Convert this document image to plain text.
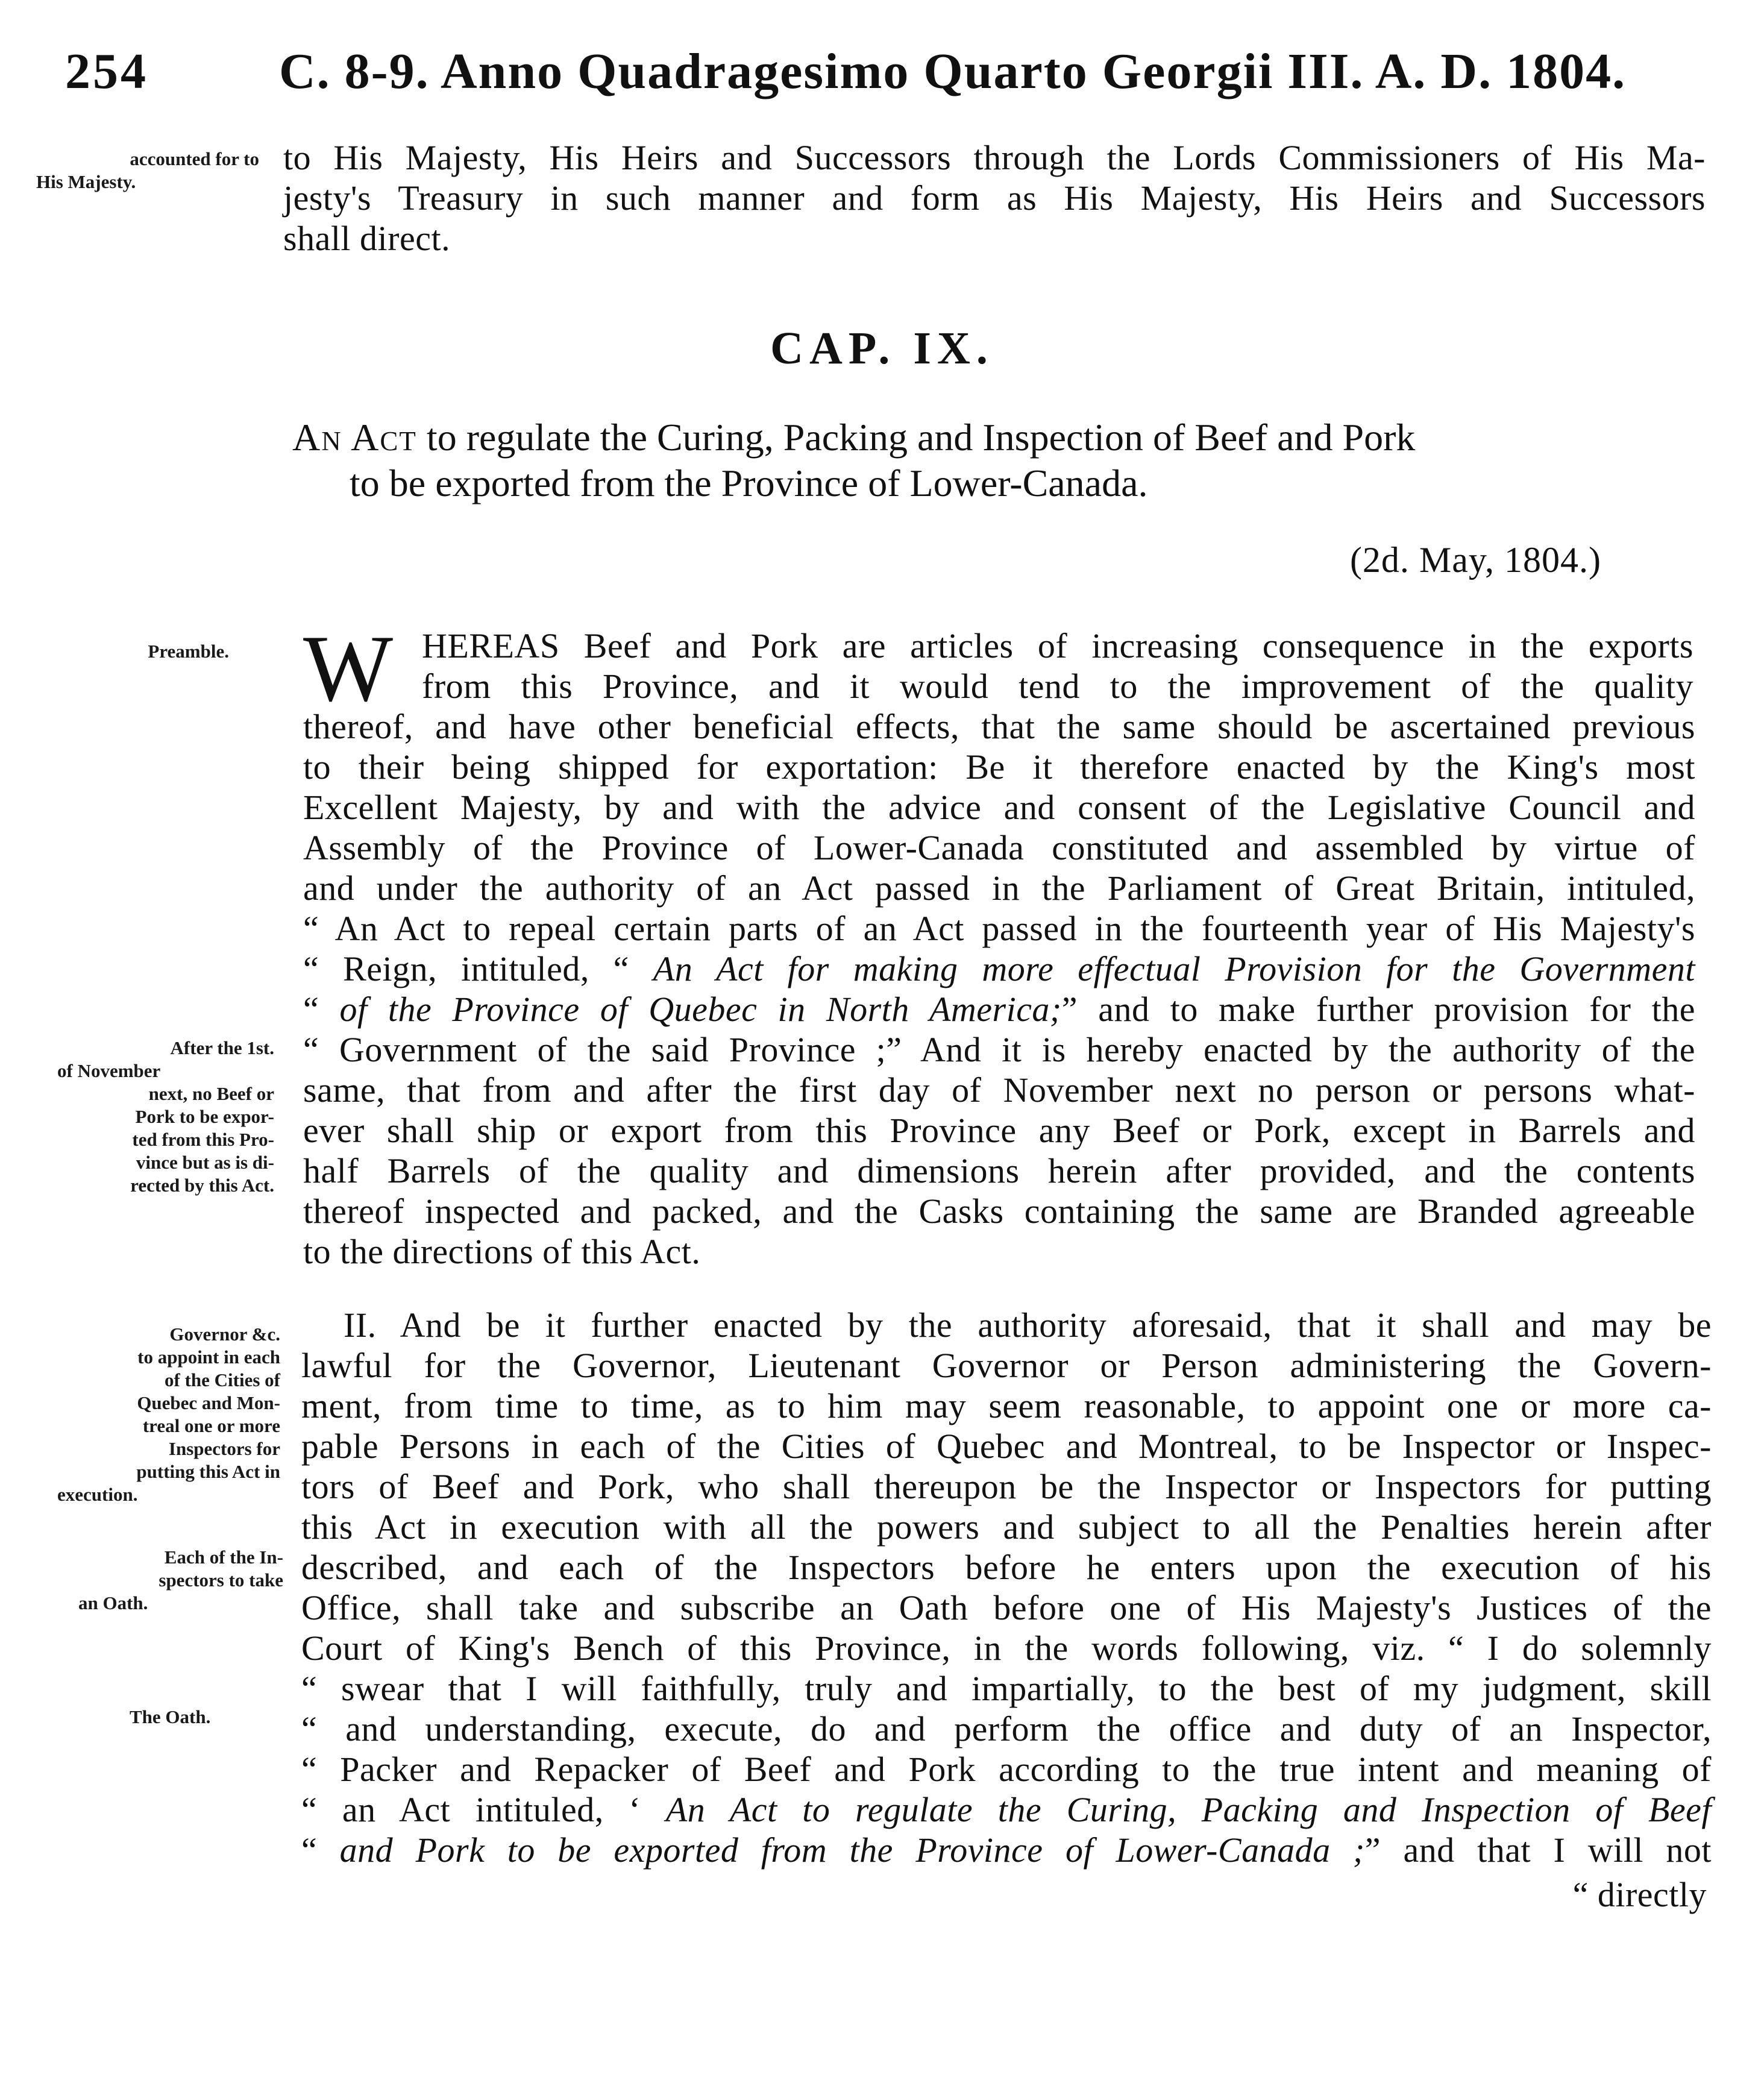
254	C. 8-9. Anno Quadragesimo Quarto Georgii III. A. D. 1804.
accounted for to
His Majesty.
to His Majesty, His Heirs and Successors through the Lords Commissioners of His Ma-
jesty's Treasury in such manner and form as His Majesty, His Heirs and Successors
shall direct.
CAP. IX.
An Act to regulate the Curing, Packing and Inspection of Beef and Pork
to be exported from the Province of Lower-Canada.
(2d. May, 1804.)
Preamble. W HEREAS Beef and Pork are articles of increasing consequence in the exports
from this Province, and it would tend to the improvement of the quality
thereof, and have other beneficial effects, that the same should be ascertained previous
to their being shipped for exportation: Be it therefore enacted by the King's most
Excellent Majesty, by and with the advice and consent of the Legislative Council and
Assembly of the Province of Lower-Canada constituted and assembled by virtue of
and under the authority of an Act passed in the Parliament of Great Britain, intituled,
“ An Act to repeal certain parts of an Act passed in the fourteenth year of His Majesty's
“ Reign, intituled, “ An Act for making more effectual Provision for the Government
“ of the Province of Quebec in North America;” and to make further provision for the
“ Government of the said Province ;” And it is hereby enacted by the authority of the
same, that from and after the first day of November next no person or persons what-
ever shall ship or export from this Province any Beef or Pork, except in Barrels and
half Barrels of the quality and dimensions herein after provided, and the contents
thereof inspected and packed, and the Casks containing the same are Branded agreeable
to the directions of this Act.
After the 1st.
of November
next, no Beef or
Pork to be expor-
ted from this Pro-
vince but as is di-
rected by this Act.
Governor &c.
to appoint in each
of the Cities of
Quebec and Mon-
treal one or more
Inspectors for
putting this Act in
execution.
Each of the In-
spectors to take
an Oath.
The Oath.
II. And be it further enacted by the authority aforesaid, that it shall and may be
lawful for the Governor, Lieutenant Governor or Person administering the Govern-
ment, from time to time, as to him may seem reasonable, to appoint one or more ca-
pable Persons in each of the Cities of Quebec and Montreal, to be Inspector or Inspec-
tors of Beef and Pork, who shall thereupon be the Inspector or Inspectors for putting
this Act in execution with all the powers and subject to all the Penalties herein after
described, and each of the Inspectors before he enters upon the execution of his
Office, shall take and subscribe an Oath before one of His Majesty's Justices of the
Court of King's Bench of this Province, in the words following, viz. “ I do solemnly
“ swear that I will faithfully, truly and impartially, to the best of my judgment, skill
“ and understanding, execute, do and perform the office and duty of an Inspector,
“ Packer and Repacker of Beef and Pork according to the true intent and meaning of
“ an Act intituled, ‘ An Act to regulate the Curing, Packing and Inspection of Beef
“ and Pork to be exported from the Province of Lower-Canada ;” and that I will not
“ directly
